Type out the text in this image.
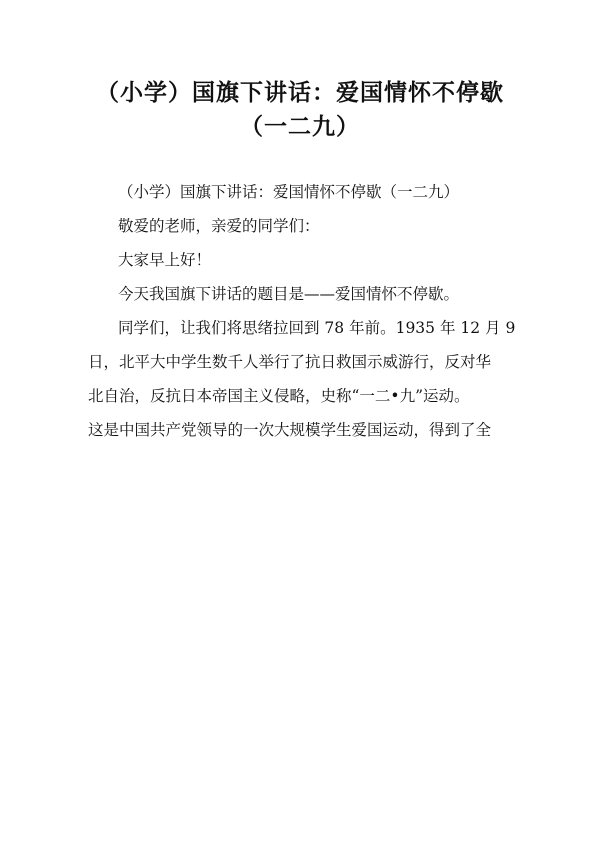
（小学）国旗下讲话：爱国情怀不停歇
（一二九）
（小学）国旗下讲话：爱国情怀不停歇（一二九）
敬爱的老师，亲爱的同学们：
大家早上好！
今天我国旗下讲话的题目是——爱国情怀不停歇。
同学们，让我们将思绪拉回到 78 年前。1935 年 12 月 9
日，北平大中学生数千人举行了抗日救国示威游行，反对华
北自治，反抗日本帝国主义侵略，史称“一二•九”运动。
这是中国共产党领导的一次大规模学生爱国运动，得到了全
